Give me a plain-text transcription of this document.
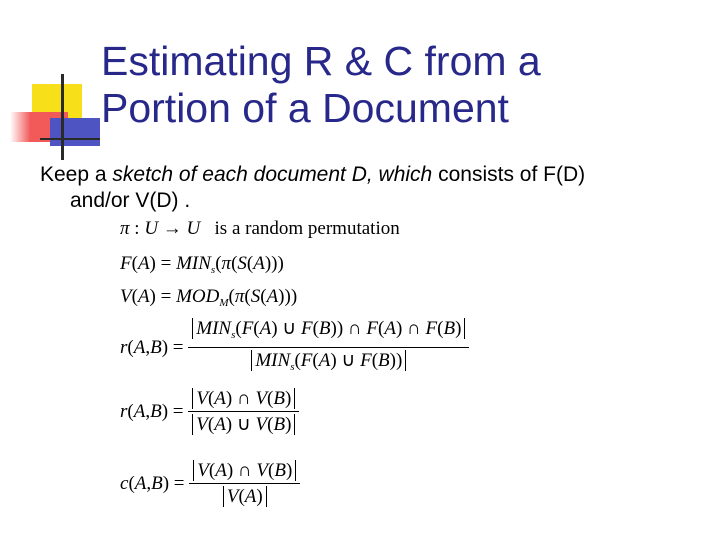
Estimating R & C from a
Portion of a Document
Keep a sketch of each document D, which consists of F(D)
and/or V(D) .
π : U → U   is a random permutation
$F(A) = MIN_s(\pi(S(A)))$
$V(A) = MOD_M(\pi(S(A)))$
$r(A,B) = \frac{MIN_s(F(A) \cup F(B)) \cap F(A) \cap F(B)}{MIN_s(F(A) \cup F(B))}$
$r(A,B) = \frac{V(A) \cap V(B)}{V(A) \cup V(B)}$
$c(A,B) = \frac{V(A) \cap V(B)}{V(A)}$
